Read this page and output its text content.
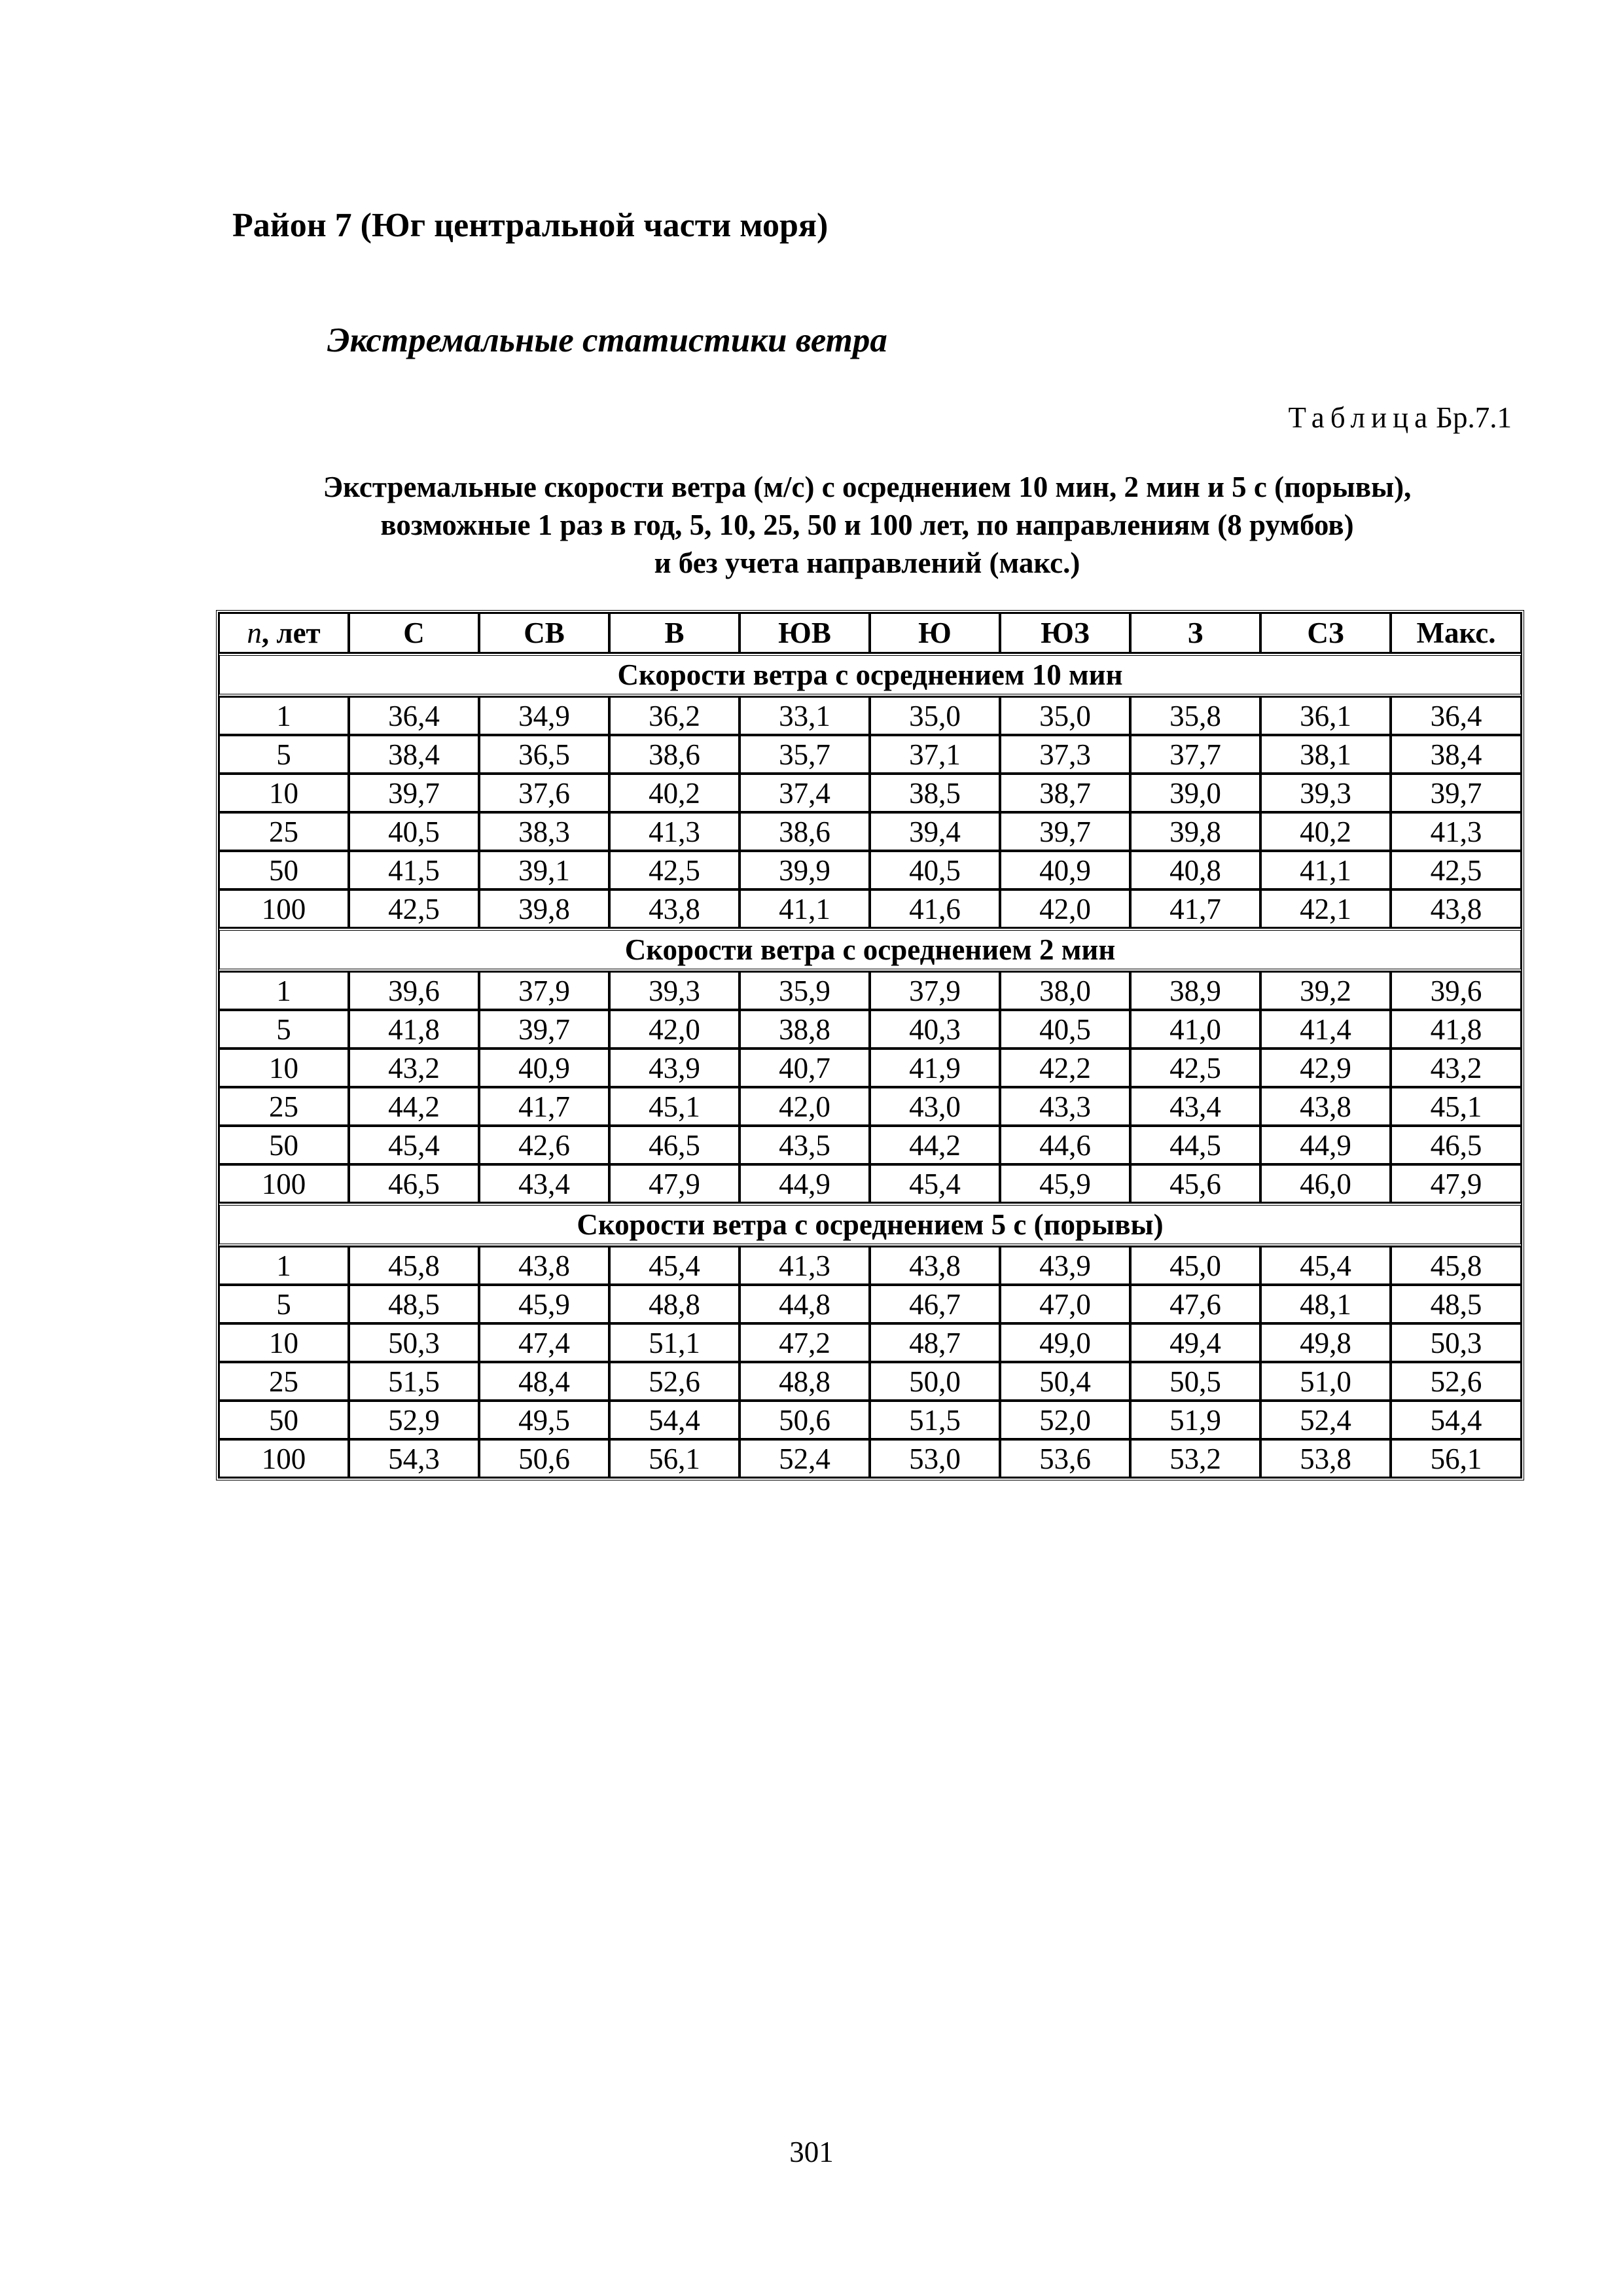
Район 7 (Юг центральной части моря)
Экстремальные статистики ветра
ТаблицаБр.7.1
Экстремальные скорости ветра (м/с) с осреднением 10 мин, 2 мин и 5 с (порывы),
возможные 1 раз в год, 5, 10, 25, 50 и 100 лет, по направлениям (8 румбов)
и без учета направлений (макс.)
n, лет	С	СВ	В	ЮВ	Ю	ЮЗ	З	СЗ	Макс.
Скорости ветра с осреднением 10 мин									
1	36,4	34,9	36,2	33,1	35,0	35,0	35,8	36,1	36,4
5	38,4	36,5	38,6	35,7	37,1	37,3	37,7	38,1	38,4
10	39,7	37,6	40,2	37,4	38,5	38,7	39,0	39,3	39,7
25	40,5	38,3	41,3	38,6	39,4	39,7	39,8	40,2	41,3
50	41,5	39,1	42,5	39,9	40,5	40,9	40,8	41,1	42,5
100	42,5	39,8	43,8	41,1	41,6	42,0	41,7	42,1	43,8
Скорости ветра с осреднением 2 мин									
1	39,6	37,9	39,3	35,9	37,9	38,0	38,9	39,2	39,6
5	41,8	39,7	42,0	38,8	40,3	40,5	41,0	41,4	41,8
10	43,2	40,9	43,9	40,7	41,9	42,2	42,5	42,9	43,2
25	44,2	41,7	45,1	42,0	43,0	43,3	43,4	43,8	45,1
50	45,4	42,6	46,5	43,5	44,2	44,6	44,5	44,9	46,5
100	46,5	43,4	47,9	44,9	45,4	45,9	45,6	46,0	47,9
Скорости ветра с осреднением 5 с (порывы)									
1	45,8	43,8	45,4	41,3	43,8	43,9	45,0	45,4	45,8
5	48,5	45,9	48,8	44,8	46,7	47,0	47,6	48,1	48,5
10	50,3	47,4	51,1	47,2	48,7	49,0	49,4	49,8	50,3
25	51,5	48,4	52,6	48,8	50,0	50,4	50,5	51,0	52,6
50	52,9	49,5	54,4	50,6	51,5	52,0	51,9	52,4	54,4
100	54,3	50,6	56,1	52,4	53,0	53,6	53,2	53,8	56,1
301
